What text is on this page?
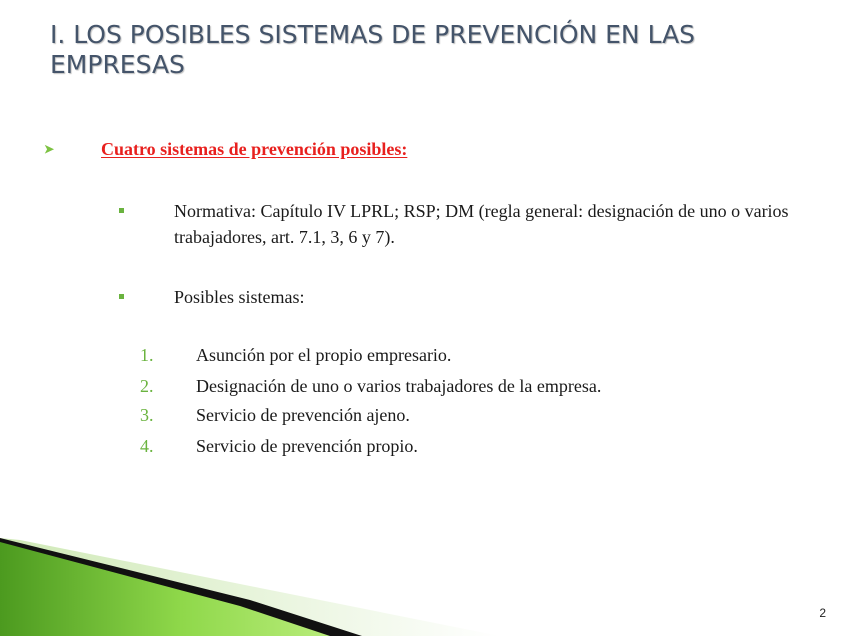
I. LOS POSIBLES SISTEMAS DE PREVENCIÓN EN LAS EMPRESAS
➤	Cuatro sistemas de prevención posibles:
Normativa: Capítulo IV LPRL; RSP; DM (regla general: designación de uno o varios trabajadores, art. 7.1, 3, 6 y 7).
Posibles sistemas:
1. Asunción por el propio empresario.
2. Designación de uno o varios trabajadores de la empresa.
3. Servicio de prevención ajeno.
4. Servicio de prevención propio.
2
